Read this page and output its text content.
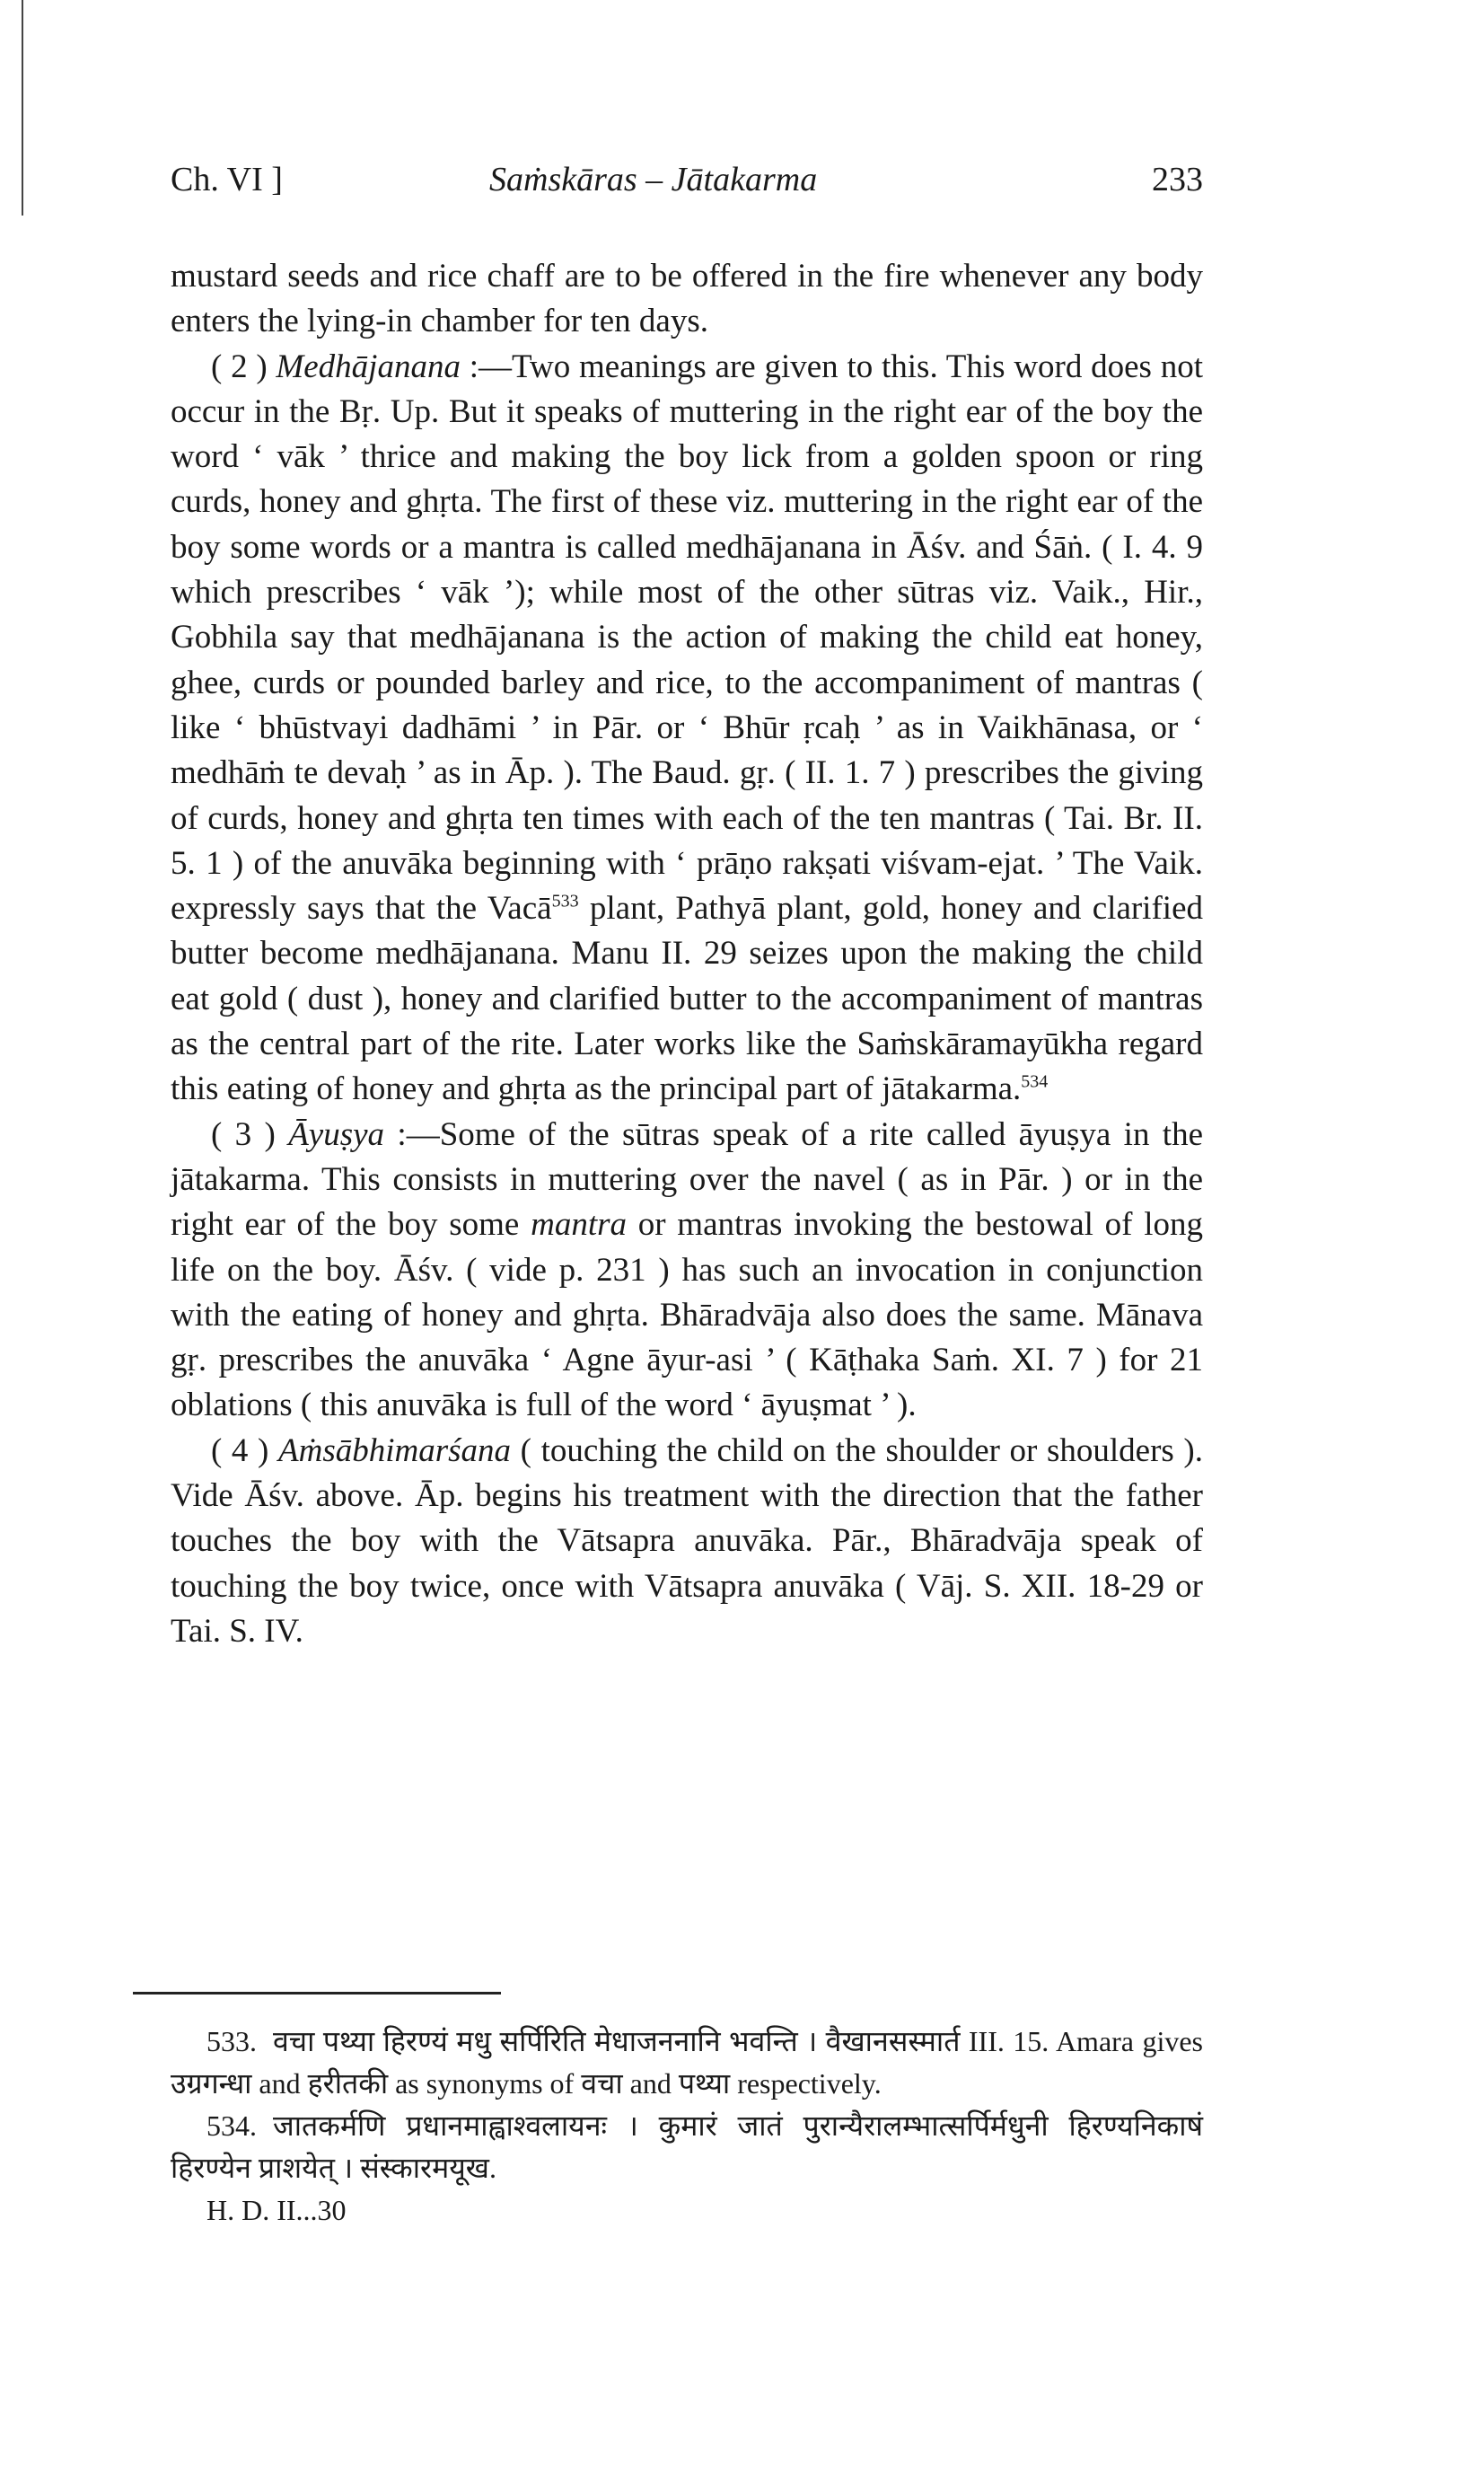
Ch. VI ]	Saṁskāras – Jātakarma	233

mustard seeds and rice chaff are to be offered in the fire whenever any body enters the lying-in chamber for ten days.

( 2 ) Medhājanana :—Two meanings are given to this. This word does not occur in the Bṛ. Up. But it speaks of muttering in the right ear of the boy the word ‘ vāk ’ thrice and making the boy lick from a golden spoon or ring curds, honey and ghṛta. The first of these viz. muttering in the right ear of the boy some words or a mantra is called medhājanana in Āśv. and Śāṅ. ( I. 4. 9 which prescribes ‘ vāk ’); while most of the other sūtras viz. Vaik., Hir., Gobhila say that medhājanana is the action of making the child eat honey, ghee, curds or pounded barley and rice, to the accompaniment of mantras ( like ‘ bhūstvayi dadhāmi ’ in Pār. or ‘ Bhūr ṛcaḥ ’ as in Vaikhānasa, or ‘ medhāṁ te devaḥ ’ as in Āp. ). The Baud. gṛ. ( II. 1. 7 ) prescribes the giving of curds, honey and ghṛta ten times with each of the ten mantras ( Tai. Br. II. 5. 1 ) of the anuvāka beginning with ‘ prāṇo rakṣati viśvam-ejat. ’ The Vaik. expressly says that the Vacā$^{533}$ plant, Pathyā plant, gold, honey and clarified butter become medhājanana. Manu II. 29 seizes upon the making the child eat gold ( dust ), honey and clarified butter to the accompaniment of mantras as the central part of the rite. Later works like the Saṁskāramayūkha regard this eating of honey and ghṛta as the principal part of jātakarma.$^{534}$

( 3 ) Āyuṣya :—Some of the sūtras speak of a rite called āyuṣya in the jātakarma. This consists in muttering over the navel ( as in Pār. ) or in the right ear of the boy some mantra or mantras invoking the bestowal of long life on the boy. Āśv. ( vide p. 231 ) has such an invocation in conjunction with the eating of honey and ghṛta. Bhāradvāja also does the same. Mānava gṛ. prescribes the anuvāka ‘ Agne āyur-asi ’ ( Kāṭhaka Saṁ. XI. 7 ) for 21 oblations ( this anuvāka is full of the word ‘ āyuṣmat ’ ).

( 4 ) Aṁsābhimarśana ( touching the child on the shoulder or shoulders ). Vide Āśv. above. Āp. begins his treatment with the direction that the father touches the boy with the Vātsapra anuvāka. Pār., Bhāradvāja speak of touching the boy twice, once with Vātsapra anuvāka ( Vāj. S. XII. 18-29 or Tai. S. IV.

533. वचा पथ्या हिरण्यं मधु सर्पिरिति मेधाजननानि भवन्ति । वैखानसस्मार्त III. 15. Amara gives उग्रगन्धा and हरीतकी as synonyms of वचा and पथ्या respectively.

534. जातकर्मणि प्रधानमाह्वाश्वलायनः । कुमारं जातं पुरान्यैरालम्भात्सर्पिर्मधुनी हिरण्यनिकाषं हिरण्येन प्राशयेत् । संस्कारमयूख.

H. D. II...30
